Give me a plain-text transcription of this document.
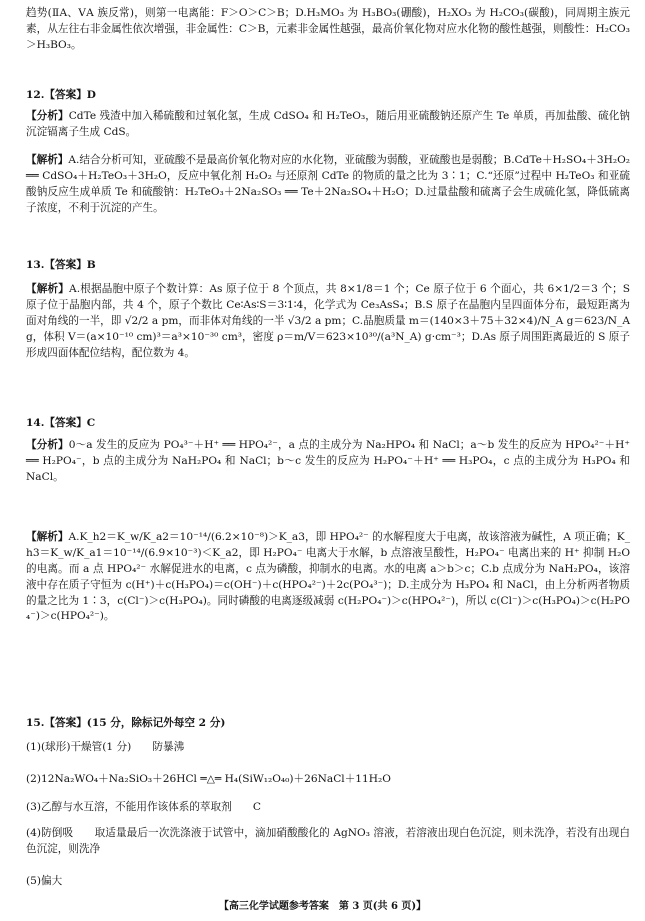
趋势(ⅡA、ⅤA 族反常)，则第一电离能：F＞O＞C＞B；D.H₃MO₃ 为 H₃BO₃(硼酸)，H₂XO₃ 为 H₂CO₃(碳酸)，同周期主族元素，从左往右非金属性依次增强，非金属性：C＞B，元素非金属性越强，最高价氧化物对应水化物的酸性越强，则酸性：H₂CO₃＞H₃BO₃。
12.【答案】D
【分析】CdTe 残渣中加入稀硫酸和过氧化氢，生成 CdSO₄ 和 H₂TeO₃，随后用亚硫酸钠还原产生 Te 单质，再加盐酸、硫化钠沉淀镉离子生成 CdS。
【解析】A.结合分析可知，亚硫酸不是最高价氧化物对应的水化物，亚硫酸为弱酸，亚硫酸也是弱酸；B.CdTe＋H₂SO₄＋3H₂O₂ ══ CdSO₄＋H₂TeO₃＋3H₂O，反应中氧化剂 H₂O₂ 与还原剂 CdTe 的物质的量之比为 3∶1；C.“还原”过程中 H₂TeO₃ 和亚硫酸钠反应生成单质 Te 和硫酸钠：H₂TeO₃＋2Na₂SO₃ ══ Te＋2Na₂SO₄＋H₂O；D.过量盐酸和硫离子会生成硫化氢，降低硫离子浓度，不利于沉淀的产生。
13.【答案】B
【解析】A.根据晶胞中原子个数计算：As 原子位于 8 个顶点，共 8×1/8＝1 个；Ce 原子位于 6 个面心，共 6×1/2＝3 个；S 原子位于晶胞内部，共 4 个，原子个数比 Ce∶As∶S＝3∶1∶4，化学式为 Ce₃AsS₄；B.S 原子在晶胞内呈四面体分布，最短距离为面对角线的一半，即 √2/2 a pm，而非体对角线的一半 √3/2 a pm；C.晶胞质量 m＝(140×3＋75＋32×4)/N_A g＝623/N_A g，体积 V＝(a×10⁻¹⁰ cm)³＝a³×10⁻³⁰ cm³，密度 ρ＝m/V＝623×10³⁰/(a³N_A) g·cm⁻³；D.As 原子周围距离最近的 S 原子形成四面体配位结构，配位数为 4。
14.【答案】C
【分析】0～a 发生的反应为 PO₄³⁻＋H⁺ ══ HPO₄²⁻，a 点的主成分为 Na₂HPO₄ 和 NaCl；a～b 发生的反应为 HPO₄²⁻＋H⁺ ══ H₂PO₄⁻，b 点的主成分为 NaH₂PO₄ 和 NaCl；b～c 发生的反应为 H₂PO₄⁻＋H⁺ ══ H₃PO₄，c 点的主成分为 H₃PO₄ 和 NaCl。
【解析】A.K_h2＝K_w/K_a2＝10⁻¹⁴/(6.2×10⁻⁸)＞K_a3，即 HPO₄²⁻ 的水解程度大于电离，故该溶液为碱性，A 项正确；K_h3＝K_w/K_a1＝10⁻¹⁴/(6.9×10⁻³)＜K_a2，即 H₂PO₄⁻ 电离大于水解，b 点溶液呈酸性，H₂PO₄⁻ 电离出来的 H⁺ 抑制 H₂O 的电离。而 a 点 HPO₄²⁻ 水解促进水的电离，c 点为磷酸，抑制水的电离。水的电离 a＞b＞c；C.b 点成分为 NaH₂PO₄，该溶液中存在质子守恒为 c(H⁺)＋c(H₃PO₄)＝c(OH⁻)＋c(HPO₄²⁻)＋2c(PO₄³⁻)；D.主成分为 H₃PO₄ 和 NaCl，由上分析两者物质的量之比为 1∶3，c(Cl⁻)＞c(H₃PO₄)。同时磷酸的电离逐级减弱 c(H₂PO₄⁻)＞c(HPO₄²⁻)，所以 c(Cl⁻)＞c(H₃PO₄)＞c(H₂PO₄⁻)＞c(HPO₄²⁻)。
15.【答案】(15 分，除标记外每空 2 分)
(1)(球形)干燥管(1 分)　　防暴沸
(2)12Na₂WO₄＋Na₂SiO₃＋26HCl ═△═ H₄(SiW₁₂O₄₀)＋26NaCl＋11H₂O
(3)乙醇与水互溶，不能用作该体系的萃取剂　　C
(4)防倒吸　　取适量最后一次洗涤液于试管中，滴加硝酸酸化的 AgNO₃ 溶液，若溶液出现白色沉淀，则未洗净，若没有出现白色沉淀，则洗净
(5)偏大
【高三化学试题参考答案　第 3 页(共 6 页)】
